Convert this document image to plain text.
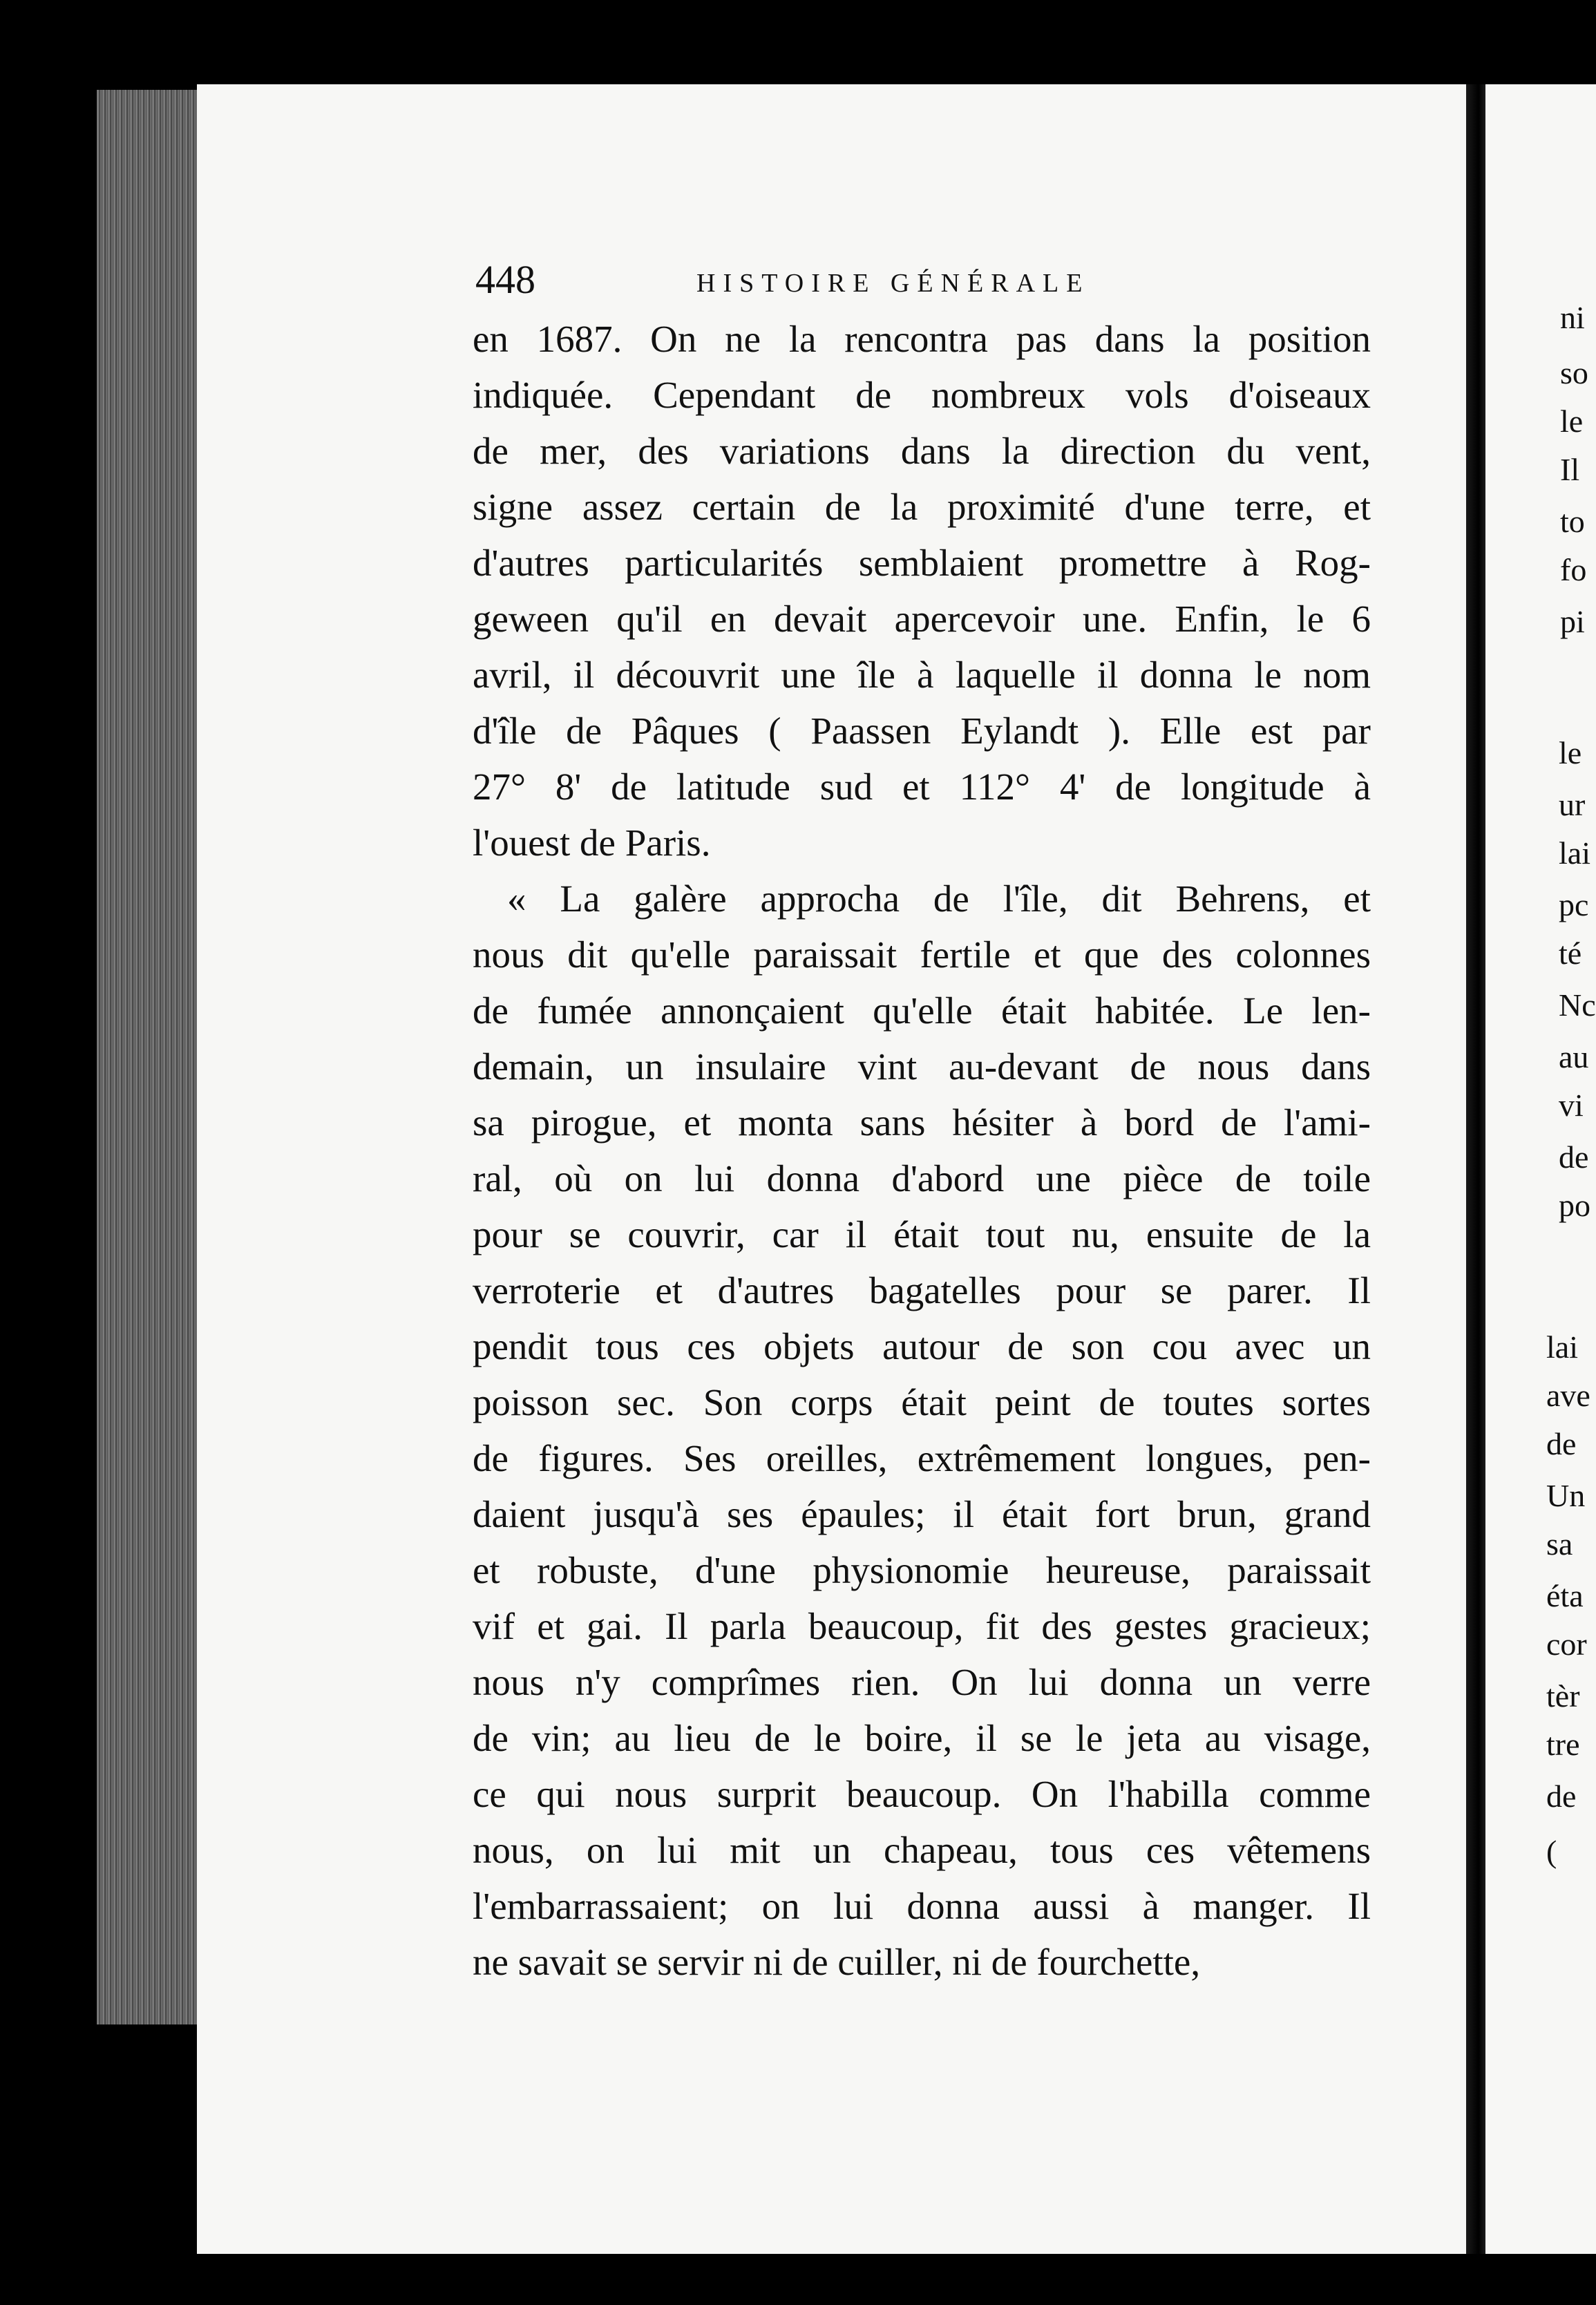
448	HISTOIRE GÉNÉRALE
en 1687. On ne la rencontra pas dans la position
indiquée. Cependant de nombreux vols d'oiseaux
de mer, des variations dans la direction du vent,
signe assez certain de la proximité d'une terre, et
d'autres particularités semblaient promettre à Rog-
geween qu'il en devait apercevoir une. Enfin, le 6
avril, il découvrit une île à laquelle il donna le nom
d'île de Pâques ( Paassen Eylandt ). Elle est par
27° 8' de latitude sud et 112° 4' de longitude à
l'ouest de Paris.
« La galère approcha de l'île, dit Behrens, et
nous dit qu'elle paraissait fertile et que des colonnes
de fumée annonçaient qu'elle était habitée. Le len-
demain, un insulaire vint au-devant de nous dans
sa pirogue, et monta sans hésiter à bord de l'ami-
ral, où on lui donna d'abord une pièce de toile
pour se couvrir, car il était tout nu, ensuite de la
verroterie et d'autres bagatelles pour se parer. Il
pendit tous ces objets autour de son cou avec un
poisson sec. Son corps était peint de toutes sortes
de figures. Ses oreilles, extrêmement longues, pen-
daient jusqu'à ses épaules; il était fort brun, grand
et robuste, d'une physionomie heureuse, paraissait
vif et gai. Il parla beaucoup, fit des gestes gracieux;
nous n'y comprîmes rien. On lui donna un verre
de vin; au lieu de le boire, il se le jeta au visage,
ce qui nous surprit beaucoup. On l'habilla comme
nous, on lui mit un chapeau, tous ces vêtemens
l'embarrassaient; on lui donna aussi à manger. Il
ne savait se servir ni de cuiller, ni de fourchette,
ni
so
le
Il
to
fo
pi
le
ur
lai
pc
té
Nc
au
vi
de
po
lai
ave
de
Un
sa
éta
cor
tèr
tre
de
(
